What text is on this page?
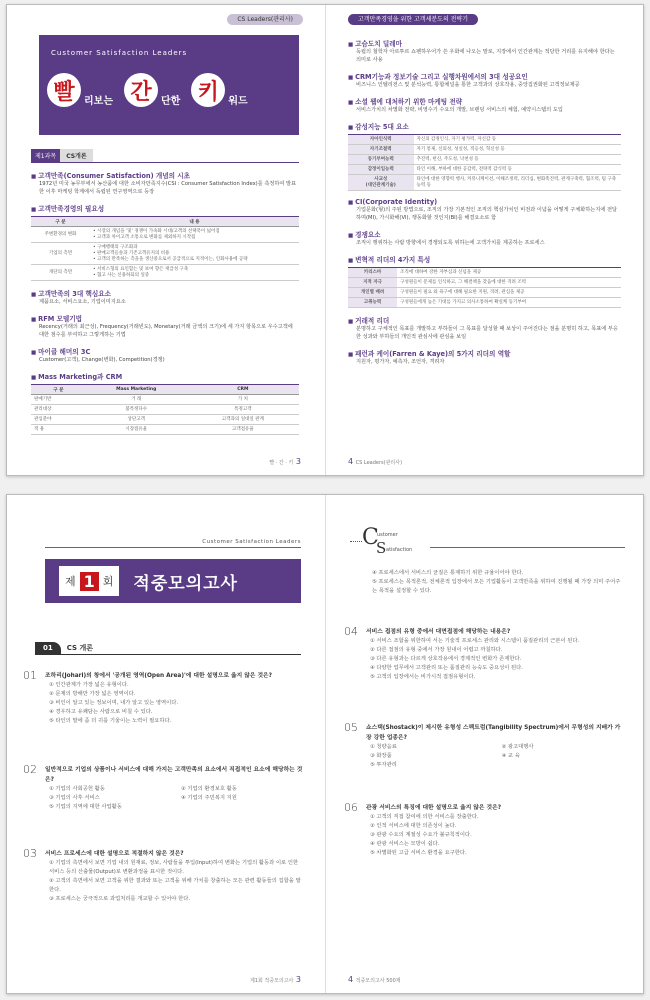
CS Leaders(관리사)
Customer Satisfaction Leaders
빨 리보는 간 단한 키 워드
제1과목	CS개론
■ 고객만족(Consumer Satisfaction) 개념의 시초
1972년 미국 농무부에서 농산품에 대한 소비자만족지수(CSI : Consumer Satisfaction Index)를 측정하여 발표한 이후 마케팅 학계에서 독립된 연구영역으로 등장
■ 고객만족경영의 필요성
구 분	내 용
주변환경의 변화	• 시장의 개념을 '및' 경쟁이 가속화 시대/고객의 선택폭이 넓어짐
• 고객과 차이고객 소통으로 변화를 제외하지 시작됨
기업의 측면	• 구매행태의 구조화과
• 판매고객들솔과 기존고객유지의 비용
• 고객의 만족하는 측을을 생산중으로서 공급적으로 지적이는, 인화사용에 공략
개단의 측면	• 서비스형의 표인합는 및 보여 향은 재급성 구축
• 협고 사는 신용하되의 일증
■ 고객만족의 3대 핵심요소
제품요소, 서비스요소, 기업이미지요소
■ RFM 모델기법
Recency(거래의 최근성), Frequency(거래빈도), Monetary(거래 금액의 크기)에 세 가지 항목으로 우수고객에 대한 점수를 부여하고 그렇게하는 기법
■ 마이클 해머의 3C
Customer(고객), Change(변화), Competition(경쟁)
■ Mass Marketing과 CRM
구 분	Mass Marketing	CRM
판매기반	거 래	가 치
관리대상	불특정다수	특정고객
관심분야	상단고객	고객과의 일대일 관계
적 용	시장점유율	고객점유율
빨 · 간 · 키 3
고객만족경영을 위한 고객세분도의 전략기
■ 고슴도치 딜레마
독립의 철학자 아르투르 쇼펜하우어가 쓴 우화에 나오는 말로, 지장에서 인간관계는 적당한 거리를 유지해야 한다는 의미로 사용
■ CRM기능과 정보기술 그리고 실행차원에서의 3대 성공요인
비즈니스 인텔리전스 및 분석능력, 통합채널을 통한 고객과의 상호작용, 중앙집권화된 고객정보제공
■ 소셜 웹에 대처하기 위한 마케팅 전략
서비스가치의 차별화 전략, 비영수기 수요의 개발, 브랜딩 서비스의 체험, 예약시스템의 도입
■ 감성지능 5대 요소
자아인식력	자신의 감정인식, 자기 평가력, 자신감 등
자기조절력	자기 통제, 신뢰성, 성실성, 적응성, 혁신성 등
동기부여능력	추진력, 헌신, 주도성, 낙천성 등
감정이입능력	타인 이해, 부하에 대한 공감력, 전략적 감식력 등
사교성
(대인관계기술)	타인에 대한 영향력 행사, 커뮤니케이션, 이해조정력, 리더십, 변화촉진력, 관계구축력, 협조력, 팀 구축능력 등
■ CI(Corporate Identity)
기업문화(형)의 주된 방법으로, 조직의 가장 기본적인 조직의 핵심가치인 비전과 이념을 어떻게 구체화하는지에 전달하며(MI), 가시화해(VI), 행동화할 것인지(BI)를 해결요소로 함
■ 경쟁요소
조직이 행위하는 사람 방향에서 경쟁되도록 위하는에 고객가치를 제공하는 프로세스
■ 변혁적 리더의 4가지 특성
카리스마	조직에 대하여 강한 자부심과 신념을 제공
지적 자극	구성원들이 문제를 인식하고, 그 해결책을 찾음에 대한 격려 조력
개인별 배려	구성원들이 필요 와 욕구에 대해 필요한 지원, 격려, 관심을 제공
고취능력	구성원들에게 높은 기대를 가지고 의사소통하여 확실케 동기부여
■ 거래적 리더
분명하고 구체적인 목표를 개발하고 부하들이 그 목표를 달성할 때 보상이 주어진다는 점을 분명히 하고, 목표에 부응한 성과와 부하들의 개인적 관심사에 관심을 보임
■ 패런과 케이(Farren & Kaye)의 5가지 리더의 역할
지원자, 평가자, 예측자, 조언자, 격려자
4 CS Leaders(관리사)
Customer Satisfaction Leaders
제 1 회 적중모의고사
01	CS 개론
01 조하리(Johari)의 창에서 '공개된 영역(Open Area)'에 대한 설명으로 옳지 않은 것은?
① 인간관계가 가장 넓은 유형이다.
② 문제의 방해만 가장 넓은 영역이다.
③ 비인이 알고 있는 정보이며, 내가 알고 있는 영역이다.
④ 경우하고 유쾌담는 사람으로 비칠 수 있다.
⑤ 타인의 말에 좀 더 귀를 기울이는 노력이 필요하다.
02 일반적으로 기업의 상품이나 서비스에 대해 가지는 고객만족의 요소에서 직접적인 요소에 해당하는 것은?
① 기업의 사회공헌 활동	② 기업의 환경보호 활동
③ 기업의 사후 서비스	④ 기업의 주민복지 지원
⑤ 기업의 지역에 대한 사업활동
03 서비스 프로세스에 대한 설명으로 적절하지 않은 것은?
① 기업의 측면에서 보면 기업 내의 원재료, 정보, 사람들을 투입(Input)하여 변화는 기업의 활동과 이로 인한 서비스 등의 산출물(Output)로 변환과정을 표시한 것이다.
② 고객의 측면에서 보면 고객을 위한 결과와 또는 고객을 위해 가치를 창출하는 모든 관련 활동들의 집합을 말한다.
③ 프로세스는 궁극적으로 과업처리를 개교할 수 있어야 한다.
제1회 적중모의고사 3
C
ustomer
S atisfaction
④ 프로세스에서 서비스의 균질은 통제하기 위한 규율이어야 한다.
⑤ 프로세스는 목적론적, 전체론적 입장에서 모든 기업활동이 고객만족을 위하여 진행될 때 가장 의미 주어주는 목적을 설정할 수 있다.
04 서비스 접점의 유형 중에서 대면접점에 해당하는 내용은?
① 서비스 조합을 위한하여 서는 기술적 프로세스 관리와 시스템이 품질관리의 근본이 된다.
② 다른 접점의 유형 중에서 가장 원내이 어렵고 까칠하다.
③ 다른 유형과는 다르게 상호작용에서 경제적인 변화가 존재한다.
④ 다양한 업무에서 고객관리 또는 품질관리 능숙도 중요성이 된다.
⑤ 고객의 입장에서는 비가시적 접점유형이다.
05 쇼스택(Shostack)이 제시한 유형성 스펙트럼(Tangibility Spectrum)에서 무형성의 지배가 가장 강한 업종은?
① 청량음료	② 광고대행사
③ 화장품	④ 교 육
⑤ 투자관리
06 관광 서비스의 특징에 대한 설명으로 옳지 않은 것은?
① 고객의 직접 참여에 의한 서비스를 장출한다.
② 인적 서비스에 대한 의존성이 높다.
③ 관광 수요의 계절성 수요가 불규칙적이다.
④ 관광 서비스는 모방이 쉽다.
⑤ 차별화된 고급 서비스 환경을 요구한다.
4 적중모의고사 500제
